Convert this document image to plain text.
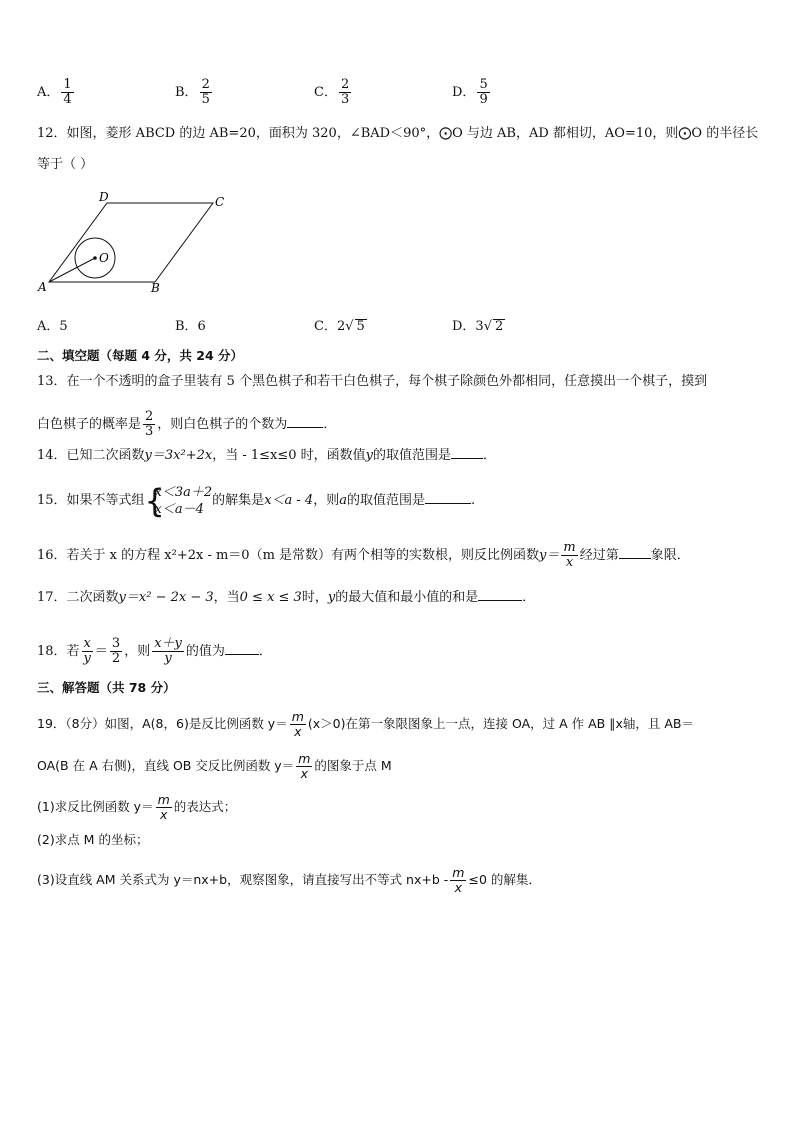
A． $\frac{1}{4}$	B． $\frac{2}{5}$	C． $\frac{2}{3}$	D． $\frac{5}{9}$
12．如图，菱形 ABCD 的边 AB=20，面积为 320，∠BAD＜90°，⨀O 与边 AB，AD 都相切，AO=10，则⨀O 的半径长
等于（ ）
A	B
C
D
O
A．5	B．6	C．2√ 5	D．3√ 2
二、填空题（每题 4 分，共 24 分）
13．在一个不透明的盒子里装有 5 个黑色棋子和若干白色棋子，每个棋子除颜色外都相同，任意摸出一个棋子，摸到
白色棋子的概率是 $\frac{2}{3}$ ，则白色棋子的个数为	．
14．已知二次函数y＝3x²+2x，当 - 1≤x≤0 时，函数值y的取值范围是 ．
15．如果不等式组 {
x＜3a＋2
x＜a－4
的解集是x＜a - 4，则a的取值范围是	.
16．若关于 x 的方程 x²+2x - m＝0（m 是常数）有两个相等的实数根，则反比例函数$y= \frac{m}{x}$ 经过第 象限．
17．二次函数y＝x² − 2x − 3，当0 ≤ x ≤ 3时，y的最大值和最小值的和是	．
18．若 $\frac{x}{y} = \frac{3}{2}$ ，则 $\frac{x+y}{y}$ 的值为	．
三、解答题（共 78 分）
19．（8分）如图，A(8，6)是反比例函数 $y= \frac{m}{x} (x>0)$在第一象限图象上一点，连接 OA，过 A 作 AB ∥x轴，且 AB＝
OA(B 在 A 右侧)，直线 OB 交反比例函数 $y= \frac{m}{x}$ 的图象于点 M
(1)求反比例函数 $y= \frac{m}{x}$ 的表达式；
(2)求点 M 的坐标；
(3)设直线 AM 关系式为 y＝nx+b，观察图象，请直接写出不等式 $nx+b - \frac{m}{x} \le 0$ 的解集．
